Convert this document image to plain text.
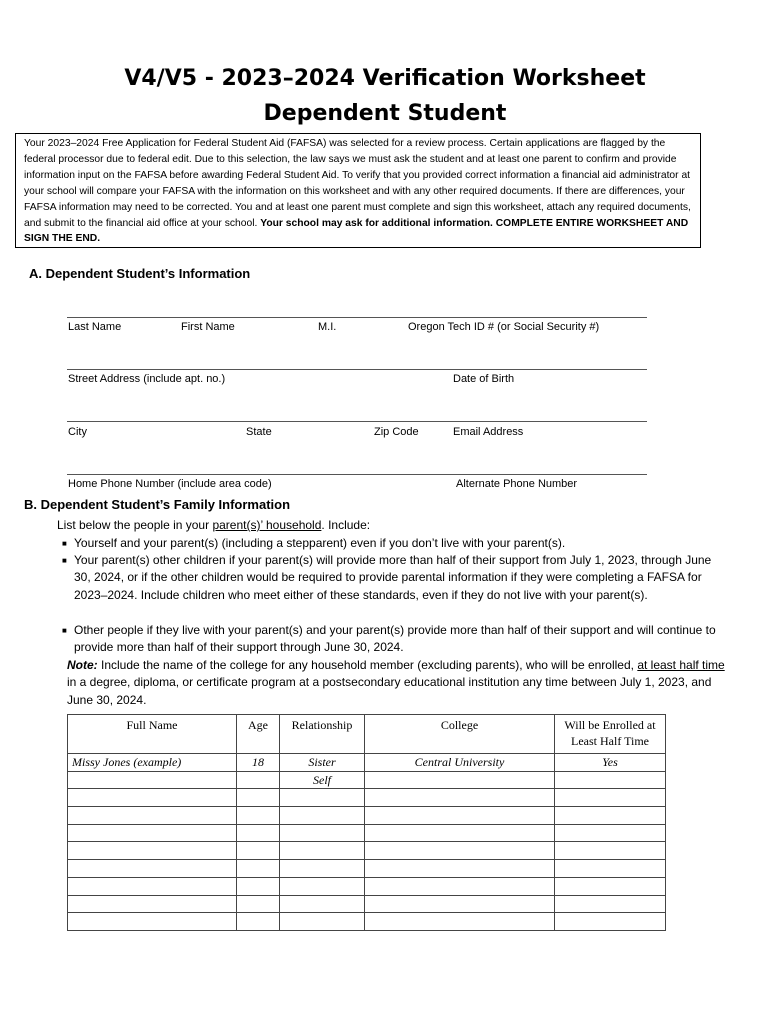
V4/V5 - 2023–2024 Verification Worksheet
Dependent Student
Your 2023–2024 Free Application for Federal Student Aid (FAFSA) was selected for a review process. Certain applications are flagged by the federal processor due to federal edit. Due to this selection, the law says we must ask the student and at least one parent to confirm and provide information input on the FAFSA before awarding Federal Student Aid. To verify that you provided correct information a financial aid administrator at your school will compare your FAFSA with the information on this worksheet and with any other required documents. If there are differences, your FAFSA information may need to be corrected. You and at least one parent must complete and sign this worksheet, attach any required documents, and submit to the financial aid office at your school. Your school may ask for additional information. COMPLETE ENTIRE WORKSHEET AND SIGN THE END.
A. Dependent Student’s Information
Last Name	First Name	M.I.	Oregon Tech ID # (or Social Security #)
Street Address (include apt. no.)	Date of Birth
City	State	Zip Code	Email Address
Home Phone Number (include area code)	Alternate Phone Number
B. Dependent Student’s Family Information
List below the people in your parent(s)’ household. Include:
■ Yourself and your parent(s) (including a stepparent) even if you don’t live with your parent(s).
■ Your parent(s) other children if your parent(s) will provide more than half of their support from July 1, 2023, through June 30, 2024, or if the other children would be required to provide parental information if they were completing a FAFSA for 2023–2024. Include children who meet either of these standards, even if they do not live with your parent(s).
■ Other people if they live with your parent(s) and your parent(s) provide more than half of their support and will continue to provide more than half of their support through June 30, 2024.
Note: Include the name of the college for any household member (excluding parents), who will be enrolled, at least half time in a degree, diploma, or certificate program at a postsecondary educational institution any time between July 1, 2023, and June 30, 2024.
Full Name	Age	Relationship	College	Will be Enrolled at Least Half Time
Missy Jones (example)	18	Sister	Central University	Yes
		Self		
